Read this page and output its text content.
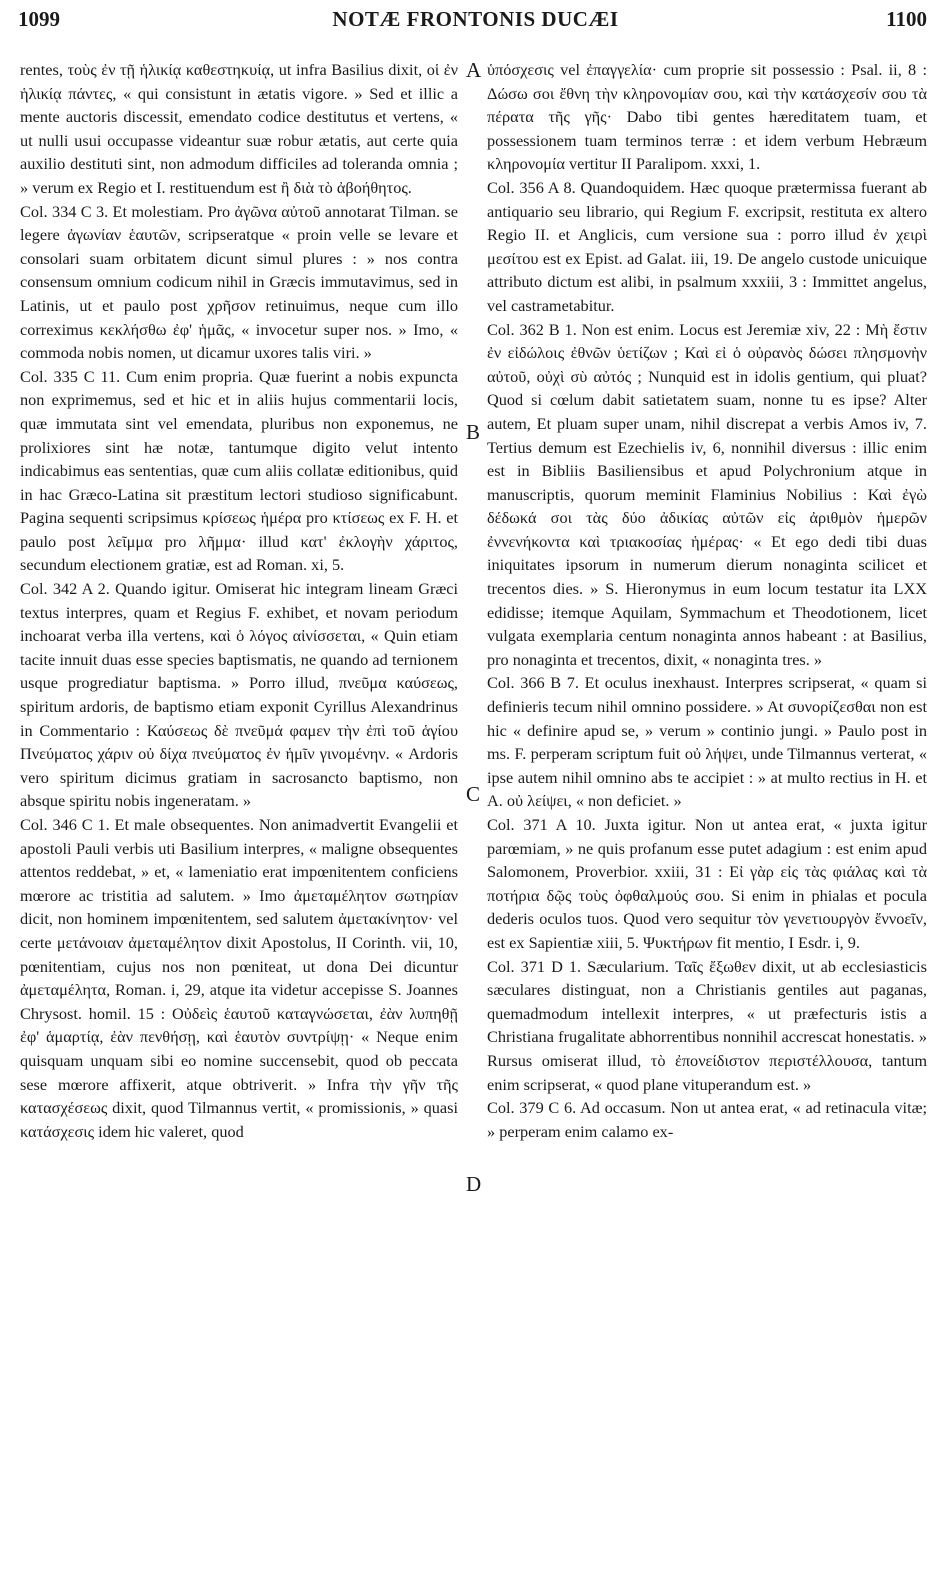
1099	NOTÆ FRONTONIS DUCÆI	1100

rentes, τοὺς ἐν τῇ ἡλικίᾳ καθεστηκυίᾳ, ut infra Basilius dixit, οἱ ἐν ἡλικίᾳ πάντες, « qui consistunt in ætatis vigore. » Sed et illic a mente auctoris discessit, emendato codice destitutus et vertens, « ut nulli usui occupasse videantur suæ robur ætatis, aut certe quia auxilio destituti sint, non admodum difficiles ad toleranda omnia ; » verum ex Regio et I. restituendum est ἢ διὰ τὸ ἀβοήθητος.

Col. 334 C 3. Et molestiam. Pro ἀγῶνα αὐτοῦ annotarat Tilman. se legere ἀγωνίαν ἑαυτῶν, scripseratque « proin velle se levare et consolari suam orbitatem dicunt simul plures : » nos contra consensum omnium codicum nihil in Græcis immutavimus, sed in Latinis, ut et paulo post χρῆσον retinuimus, neque cum illo correximus κεκλήσθω ἐφ' ἡμᾶς, « invocetur super nos. » Imo, « commoda nobis nomen, ut dicamur uxores talis viri. »

Col. 335 C 11. Cum enim propria. Quæ fuerint a nobis expuncta non exprimemus, sed et hic et in aliis hujus commentarii locis, quæ immutata sint vel emendata, pluribus non exponemus, ne prolixiores sint hæ notæ, tantumque digito velut intento indicabimus eas sententias, quæ cum aliis collatæ editionibus, quid in hac Græco-Latina sit præstitum lectori studioso significabunt. Pagina sequenti scripsimus κρίσεως ἡμέρα pro κτίσεως ex F. H. et paulo post λεῖμμα pro λῆμμα· illud κατ' ἐκλογὴν χάριτος, secundum electionem gratiæ, est ad Roman. xi, 5.

Col. 342 A 2. Quando igitur. Omiserat hic integram lineam Græci textus interpres, quam et Regius F. exhibet, et novam periodum inchoarat verba illa vertens, καὶ ὁ λόγος αἰνίσσεται, « Quin etiam tacite innuit duas esse species baptismatis, ne quando ad ternionem usque progrediatur baptisma. » Porro illud, πνεῦμα καύσεως, spiritum ardoris, de baptismo etiam exponit Cyrillus Alexandrinus in Commentario : Καύσεως δὲ πνεῦμά φαμεν τὴν ἐπὶ τοῦ ἁγίου Πνεύματος χάριν οὐ δίχα πνεύματος ἐν ἡμῖν γινομένην. « Ardoris vero spiritum dicimus gratiam in sacrosancto baptismo, non absque spiritu nobis ingeneratam. »

Col. 346 C 1. Et male obsequentes. Non animadvertit Evangelii et apostoli Pauli verbis uti Basilium interpres, « maligne obsequentes attentos reddebat, » et, « lameniatio erat impœnitentem conficiens mœrore ac tristitia ad salutem. » Imo ἀμεταμέλητον σωτηρίαν dicit, non hominem impœnitentem, sed salutem ἀμετακίνητον· vel certe μετάνοιαν ἀμεταμέλητον dixit Apostolus, II Corinth. vii, 10, pœnitentiam, cujus nos non pœniteat, ut dona Dei dicuntur ἀμεταμέλητα, Roman. i, 29, atque ita videtur accepisse S. Joannes Chrysost. homil. 15 : Οὐδεὶς ἑαυτοῦ καταγνώσεται, ἐὰν λυπηθῇ ἐφ' ἁμαρτίᾳ, ἐὰν πενθήσῃ, καὶ ἑαυτὸν συντρίψῃ· « Neque enim quisquam unquam sibi eo nomine succensebit, quod ob peccata sese mœrore affixerit, atque obtriverit. » Infra τὴν γῆν τῆς κατασχέσεως dixit, quod Tilmannus vertit, « promissionis, » quasi κατάσχεσις idem hic valeret, quod

A
B
C
D

ὑπόσχεσις vel ἐπαγγελία· cum proprie sit possessio : Psal. ii, 8 : Δώσω σοι ἔθνη τὴν κληρονομίαν σου, καὶ τὴν κατάσχεσίν σου τὰ πέρατα τῆς γῆς· Dabo tibi gentes hæreditatem tuam, et possessionem tuam terminos terræ : et idem verbum Hebræum κληρονομία vertitur II Paralipom. xxxi, 1.

Col. 356 A 8. Quandoquidem. Hæc quoque prætermissa fuerant ab antiquario seu librario, qui Regium F. excripsit, restituta ex altero Regio II. et Anglicis, cum versione sua : porro illud ἐν χειρὶ μεσίτου est ex Epist. ad Galat. iii, 19. De angelo custode unicuique attributo dictum est alibi, in psalmum xxxiii, 3 : Immittet angelus, vel castrametabitur.

Col. 362 B 1. Non est enim. Locus est Jeremiæ xiv, 22 : Μὴ ἔστιν ἐν εἰδώλοις ἐθνῶν ὑετίζων ; Καὶ εἰ ὁ οὐρανὸς δώσει πλησμονὴν αὐτοῦ, οὐχὶ σὺ αὐτός ; Nunquid est in idolis gentium, qui pluat? Quod si cœlum dabit satietatem suam, nonne tu es ipse? Alter autem, Et pluam super unam, nihil discrepat a verbis Amos iv, 7. Tertius demum est Ezechielis iv, 6, nonnihil diversus : illic enim est in Bibliis Basiliensibus et apud Polychronium atque in manuscriptis, quorum meminit Flaminius Nobilius : Καὶ ἐγὼ δέδωκά σοι τὰς δύο ἀδικίας αὐτῶν εἰς ἀριθμὸν ἡμερῶν ἐννενήκοντα καὶ τριακοσίας ἡμέρας· « Et ego dedi tibi duas iniquitates ipsorum in numerum dierum nonaginta scilicet et trecentos dies. » S. Hieronymus in eum locum testatur ita LXX edidisse; itemque Aquilam, Symmachum et Theodotionem, licet vulgata exemplaria centum nonaginta annos habeant : at Basilius, pro nonaginta et trecentos, dixit, « nonaginta tres. »

Col. 366 B 7. Et oculus inexhaust. Interpres scripserat, « quam si definieris tecum nihil omnino possidere. » At συνορίζεσθαι non est hic « definire apud se, » verum » continio jungi. » Paulo post in ms. F. perperam scriptum fuit οὐ λήψει, unde Tilmannus verterat, « ipse autem nihil omnino abs te accipiet : » at multo rectius in H. et A. οὐ λείψει, « non deficiet. »

Col. 371 A 10. Juxta igitur. Non ut antea erat, « juxta igitur parœmiam, » ne quis profanum esse putet adagium : est enim apud Salomonem, Proverbior. xxiii, 31 : Εἰ γὰρ εἰς τὰς φιάλας καὶ τὰ ποτήρια δῷς τοὺς ὀφθαλμούς σου. Si enim in phialas et pocula dederis oculos tuos. Quod vero sequitur τὸν γενετιουργὸν ἔννοεῖν, est ex Sapientiæ xiii, 5. Ψυκτήρων fit mentio, I Esdr. i, 9.

Col. 371 D 1. Sæcularium. Ταῖς ἔξωθεν dixit, ut ab ecclesiasticis sæculares distinguat, non a Christianis gentiles aut paganas, quemadmodum intellexit interpres, « ut præfecturis istis a Christiana frugalitate abhorrentibus nonnihil accrescat honestatis. » Rursus omiserat illud, τὸ ἐπονείδιστον περιστέλλουσα, tantum enim scripserat, « quod plane vituperandum est. »

Col. 379 C 6. Ad occasum. Non ut antea erat, « ad retinacula vitæ; » perperam enim calamo ex-
